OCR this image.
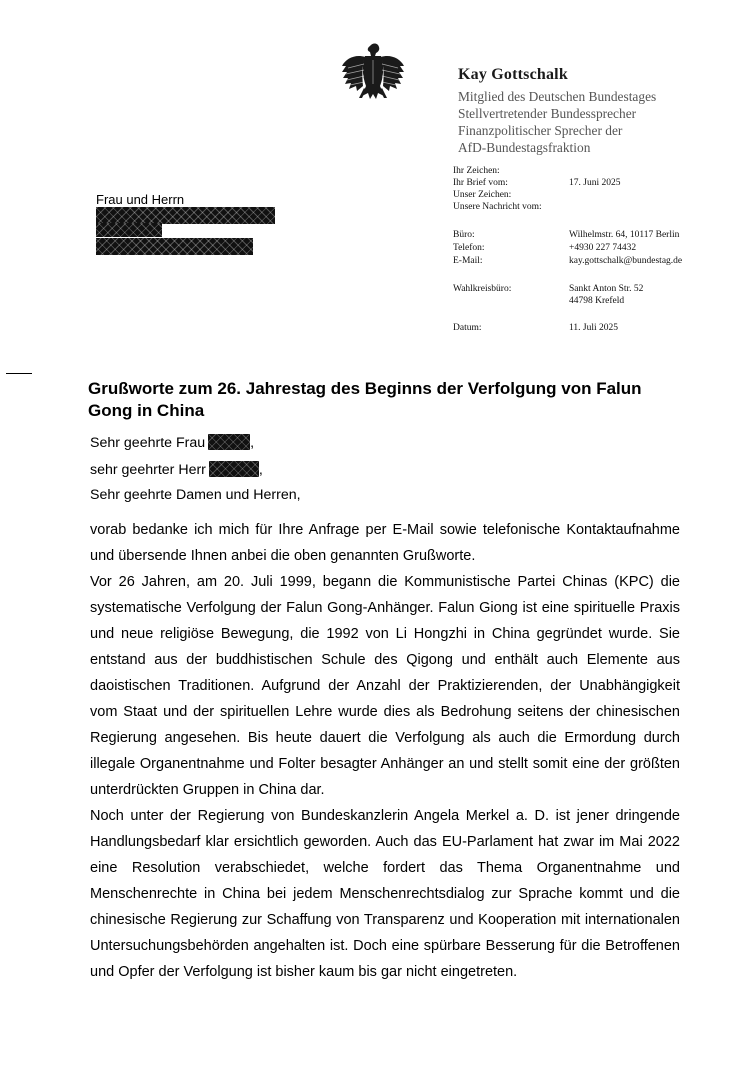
Kay Gottschalk
Mitglied des Deutschen Bundestages
Stellvertretender Bundessprecher
Finanzpolitischer Sprecher der
AfD-Bundestagsfraktion
Ihr Zeichen:
Ihr Brief vom:	17. Juni 2025
Unser Zeichen:
Unsere Nachricht vom:
Büro:	Wilhelmstr. 64, 10117 Berlin
Telefon:	+4930 227 74432
E-Mail:	kay.gottschalk@bundestag.de
Wahlkreisbüro:	Sankt Anton Str. 52
44798 Krefeld
Datum:	11. Juli 2025
Frau und Herrn
Grußworte zum 26. Jahrestag des Beginns der Verfolgung von Falun Gong in China
Sehr geehrte Frau	,
sehr geehrter Herr	,
Sehr geehrte Damen und Herren,

vorab bedanke ich mich für Ihre Anfrage per E-Mail sowie telefonische Kontaktaufnahme und übersende Ihnen anbei die oben genannten Grußworte.

Vor 26 Jahren, am 20. Juli 1999, begann die Kommunistische Partei Chinas (KPC) die systematische Verfolgung der Falun Gong-Anhänger. Falun Giong ist eine spirituelle Praxis und neue religiöse Bewegung, die 1992 von Li Hongzhi in China gegründet wurde. Sie entstand aus der buddhistischen Schule des Qigong und enthält auch Elemente aus daoistischen Traditionen. Aufgrund der Anzahl der Praktizierenden, der Unabhängigkeit vom Staat und der spirituellen Lehre wurde dies als Bedrohung seitens der chinesischen Regierung angesehen. Bis heute dauert die Verfolgung als auch die Ermordung durch illegale Organentnahme und Folter besagter Anhänger an und stellt somit eine der größten unterdrückten Gruppen in China dar.

Noch unter der Regierung von Bundeskanzlerin Angela Merkel a. D. ist jener dringende Handlungsbedarf klar ersichtlich geworden. Auch das EU-Parlament hat zwar im Mai 2022 eine Resolution verabschiedet, welche fordert das Thema Organentnahme und Menschenrechte in China bei jedem Menschenrechtsdialog zur Sprache kommt und die chinesische Regierung zur Schaffung von Transparenz und Kooperation mit internationalen Untersuchungsbehörden angehalten ist. Doch eine spürbare Besserung für die Betroffenen und Opfer der Verfolgung ist bisher kaum bis gar nicht eingetreten.
